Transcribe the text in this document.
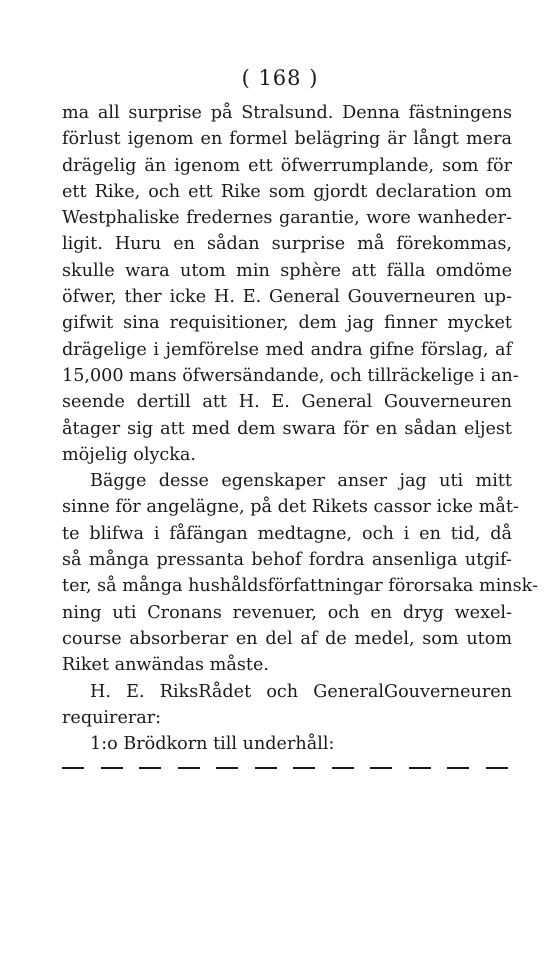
( 168 )
ma all surprise på Stralsund. Denna fästningens
förlust igenom en formel belägring är långt mera
drägelig än igenom ett öfwerrumplande, som för
ett Rike, och ett Rike som gjordt declaration om
Westphaliske fredernes garantie, wore wanheder-
ligit. Huru en sådan surprise må förekommas,
skulle wara utom min sphère att fälla omdöme
öfwer, ther icke H. E. General Gouverneuren up-
gifwit sina requisitioner, dem jag finner mycket
drägelige i jemförelse med andra gifne förslag, af
15,000 mans öfwersändande, och tillräckelige i an-
seende dertill att H. E. General Gouverneuren
åtager sig att med dem swara för en sådan eljest
möjelig olycka.
Bägge desse egenskaper anser jag uti mitt
sinne för angelägne, på det Rikets cassor icke måt-
te blifwa i fåfängan medtagne, och i en tid, då
så många pressanta behof fordra ansenliga utgif-
ter, så många hushåldsförfattningar förorsaka minsk-
ning uti Cronans revenuer, och en dryg wexel-
course absorberar en del af de medel, som utom
Riket anwändas måste.
H. E. RiksRådet och GeneralGouverneuren
requirerar:
1:o Brödkorn till underhåll:
